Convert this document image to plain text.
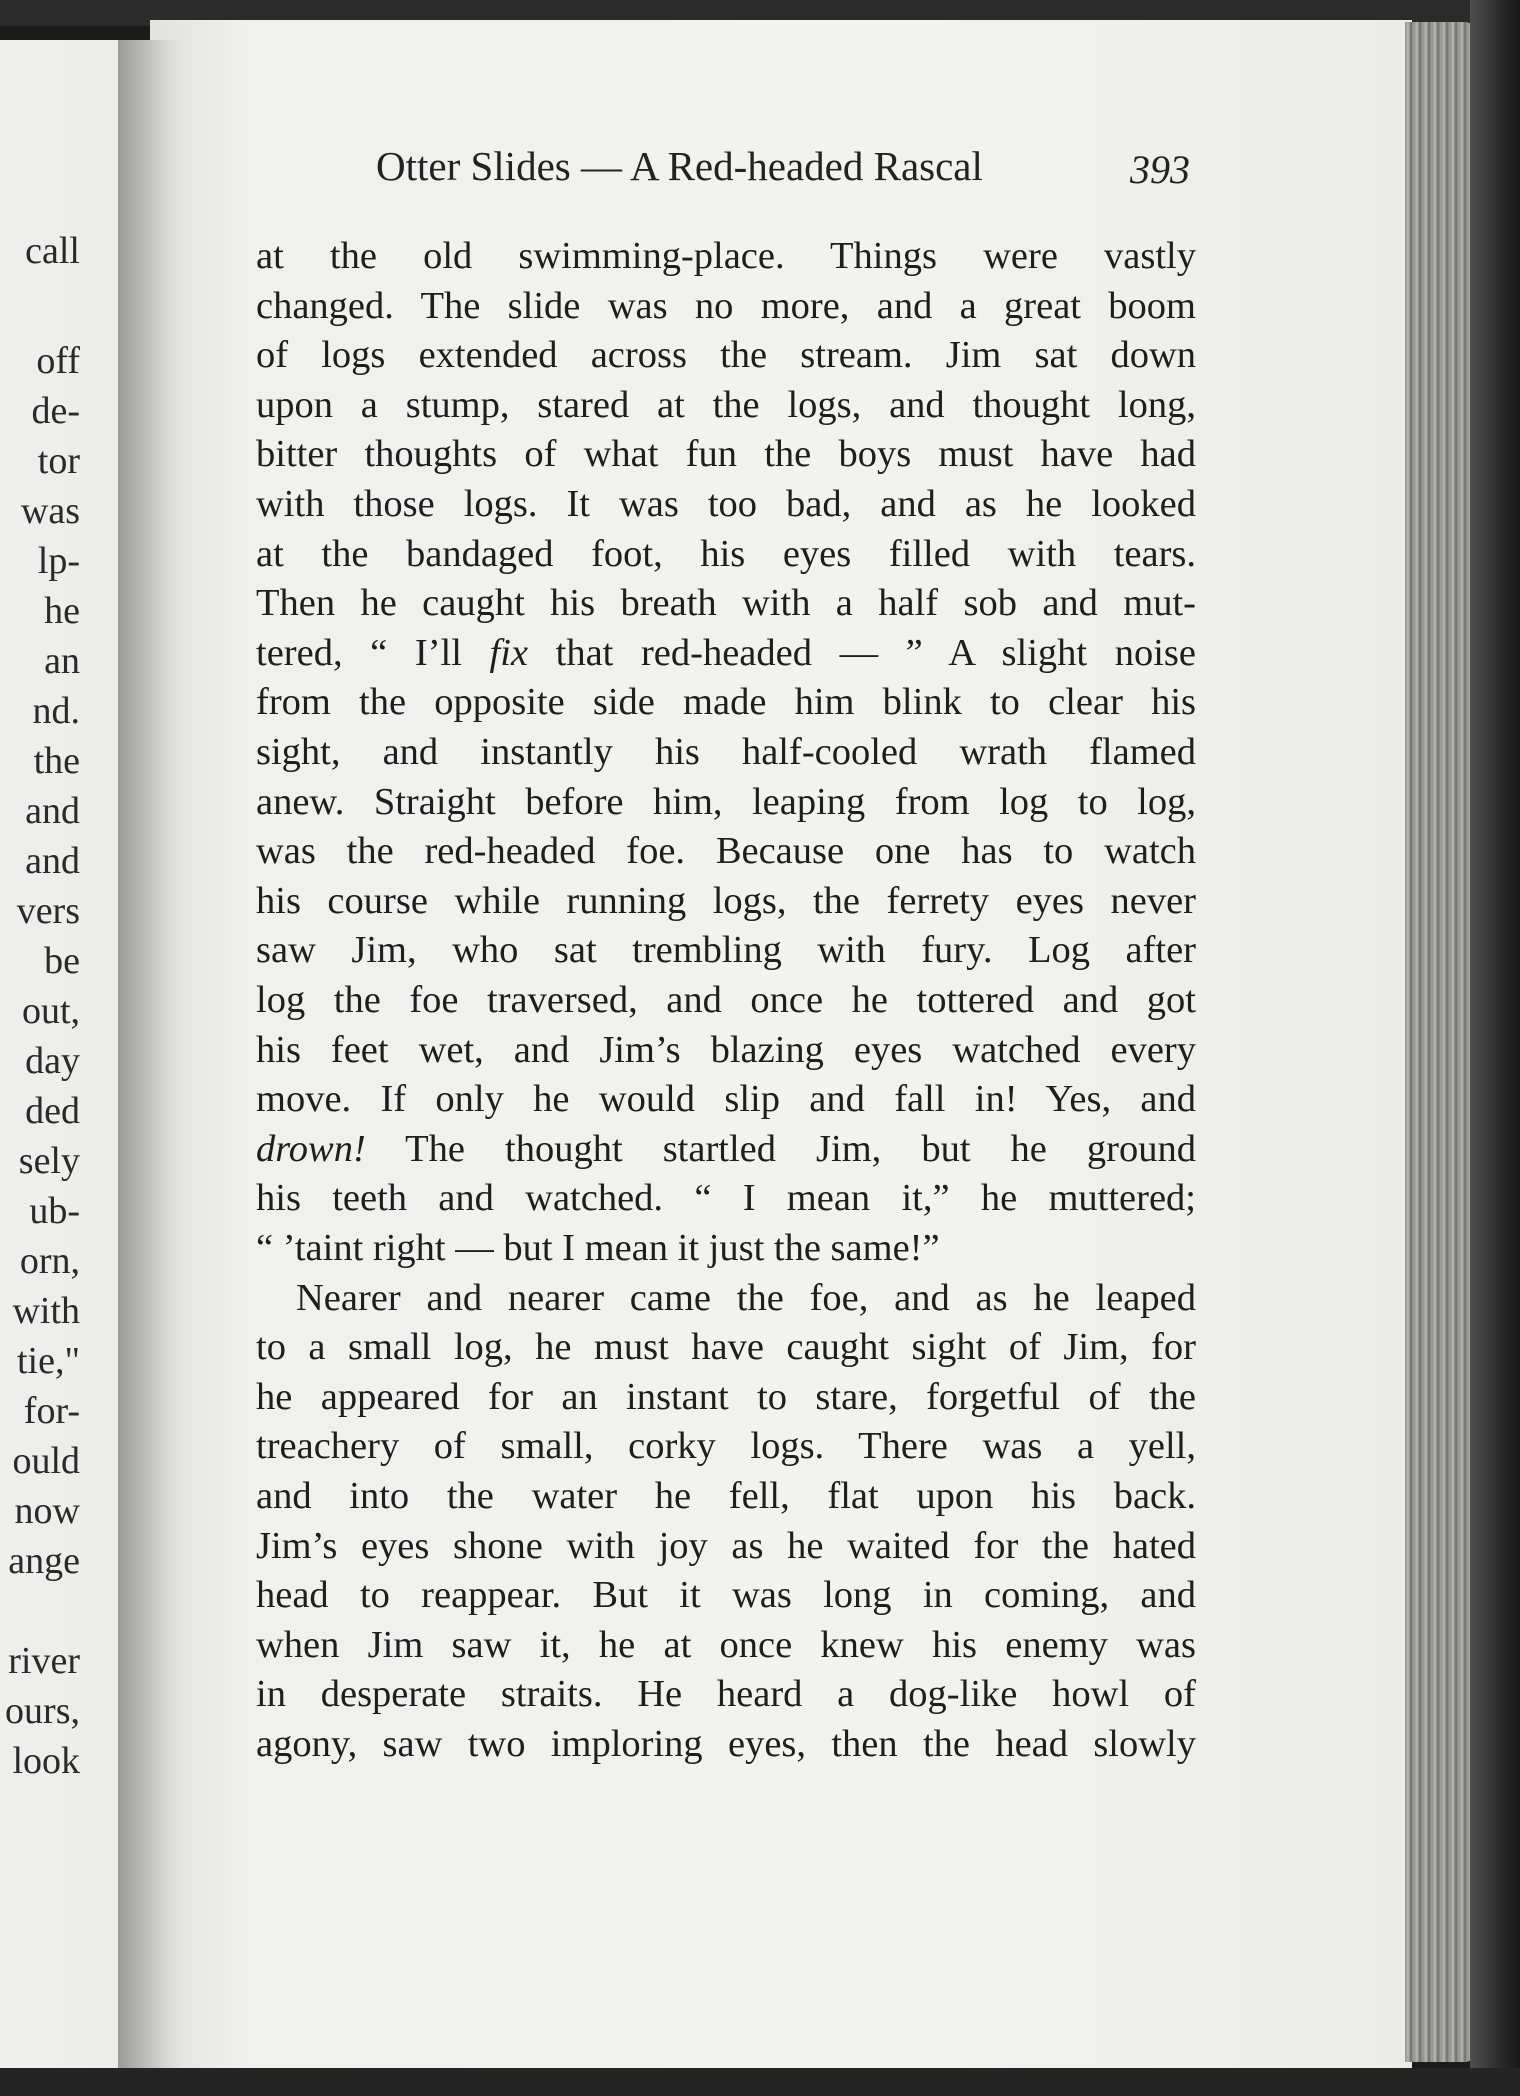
call
off
de-
tor
was
lp-
he
an
nd.
the
and
and
vers
be
out,
day
ded
sely
ub-
orn,
with
tie,"
for-
ould
now
ange
river
ours,
look
Otter Slides — A Red-headed Rascal	393
at the old swimming-place. Things were vastly
changed. The slide was no more, and a great boom
of logs extended across the stream. Jim sat down
upon a stump, stared at the logs, and thought long,
bitter thoughts of what fun the boys must have had
with those logs. It was too bad, and as he looked
at the bandaged foot, his eyes filled with tears.
Then he caught his breath with a half sob and mut-
tered, “ I’ll fix that red-headed — ” A slight noise
from the opposite side made him blink to clear his
sight, and instantly his half-cooled wrath flamed
anew. Straight before him, leaping from log to log,
was the red-headed foe. Because one has to watch
his course while running logs, the ferrety eyes never
saw Jim, who sat trembling with fury. Log after
log the foe traversed, and once he tottered and got
his feet wet, and Jim’s blazing eyes watched every
move. If only he would slip and fall in! Yes, and
drown! The thought startled Jim, but he ground
his teeth and watched. “ I mean it,” he muttered;
“ ’taint right — but I mean it just the same!”
Nearer and nearer came the foe, and as he leaped
to a small log, he must have caught sight of Jim, for
he appeared for an instant to stare, forgetful of the
treachery of small, corky logs. There was a yell,
and into the water he fell, flat upon his back.
Jim’s eyes shone with joy as he waited for the hated
head to reappear. But it was long in coming, and
when Jim saw it, he at once knew his enemy was
in desperate straits. He heard a dog-like howl of
agony, saw two imploring eyes, then the head slowly
